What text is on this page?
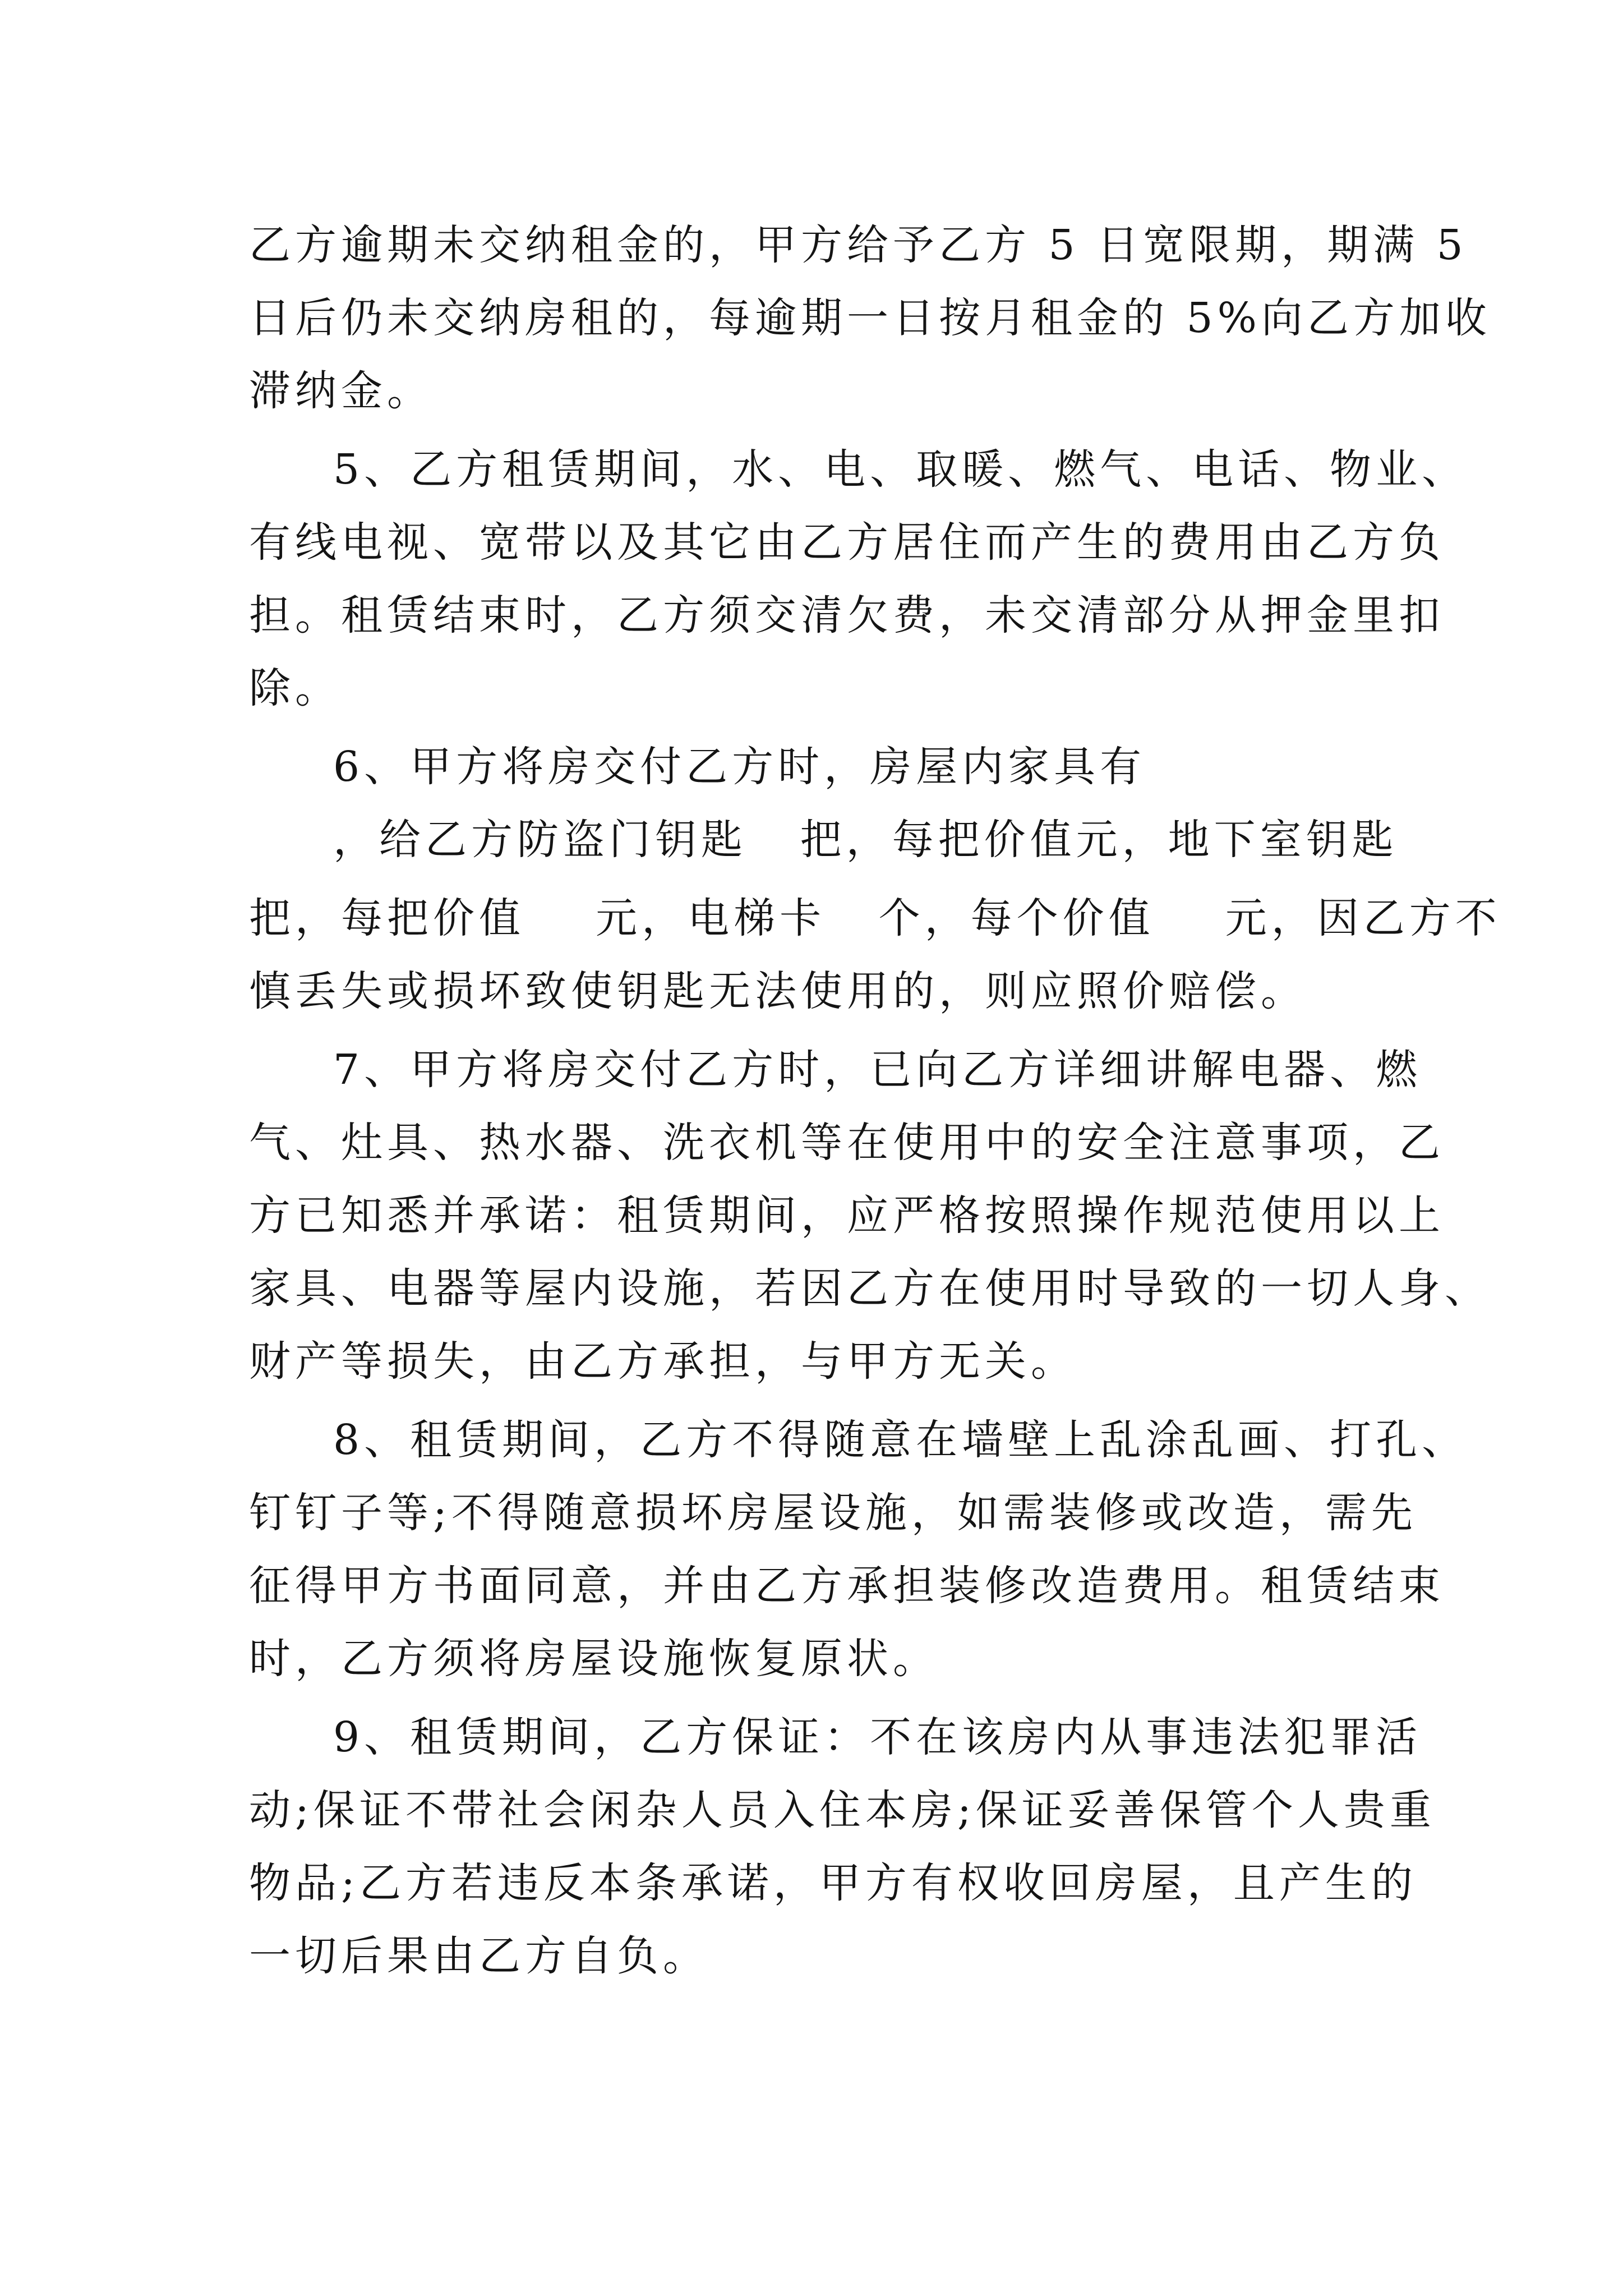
乙方逾期未交纳租金的，甲方给予乙方 5 日宽限期，期满 5
日后仍未交纳房租的，每逾期一日按月租金的 5%向乙方加收
滞纳金。
5、乙方租赁期间，水、电、取暖、燃气、电话、物业、
有线电视、宽带以及其它由乙方居住而产生的费用由乙方负
担。租赁结束时，乙方须交清欠费，未交清部分从押金里扣
除。
6、甲方将房交付乙方时，房屋内家具有
，给乙方防盗门钥匙   把，每把价值元，地下室钥匙
把，每把价值    元，电梯卡   个，每个价值    元，因乙方不
慎丢失或损坏致使钥匙无法使用的，则应照价赔偿。
7、甲方将房交付乙方时，已向乙方详细讲解电器、燃
气、灶具、热水器、洗衣机等在使用中的安全注意事项，乙
方已知悉并承诺：租赁期间，应严格按照操作规范使用以上
家具、电器等屋内设施，若因乙方在使用时导致的一切人身、
财产等损失，由乙方承担，与甲方无关。
8、租赁期间，乙方不得随意在墙壁上乱涂乱画、打孔、
钉钉子等;不得随意损坏房屋设施，如需装修或改造，需先
征得甲方书面同意，并由乙方承担装修改造费用。租赁结束
时，乙方须将房屋设施恢复原状。
9、租赁期间，乙方保证：不在该房内从事违法犯罪活
动;保证不带社会闲杂人员入住本房;保证妥善保管个人贵重
物品;乙方若违反本条承诺，甲方有权收回房屋，且产生的
一切后果由乙方自负。
